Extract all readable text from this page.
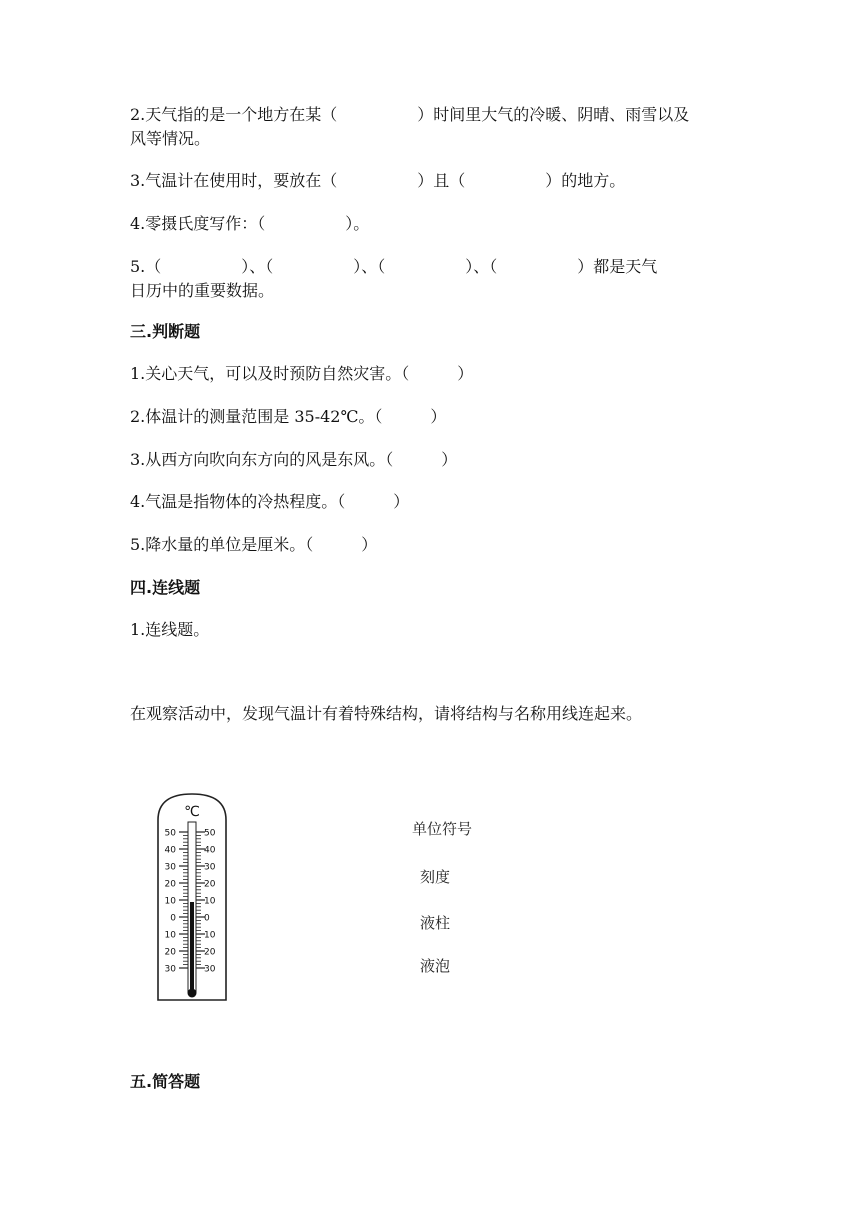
2.天气指的是一个地方在某（　　　　　）时间里大气的冷暖、阴晴、雨雪以及
风等情况。
3.气温计在使用时，要放在（　　　　　）且（　　　　　）的地方。
4.零摄氏度写作：（　　　　　）。
5.（　　　　　）、（　　　　　）、（　　　　　）、（　　　　　）都是天气
日历中的重要数据。
三.判断题
1.关心天气，可以及时预防自然灾害。（　　　）
2.体温计的测量范围是 35-42℃。（　　　）
3.从西方向吹向东方向的风是东风。（　　　）
4.气温是指物体的冷热程度。（　　　）
5.降水量的单位是厘米。（　　　）
四.连线题
1.连线题。
在观察活动中，发现气温计有着特殊结构，请将结构与名称用线连起来。
℃
50
40
30
20
10
0
10
20
30
50
40
30
20
10
0
10
20
30
单位符号
刻度
液柱
液泡
五.简答题
